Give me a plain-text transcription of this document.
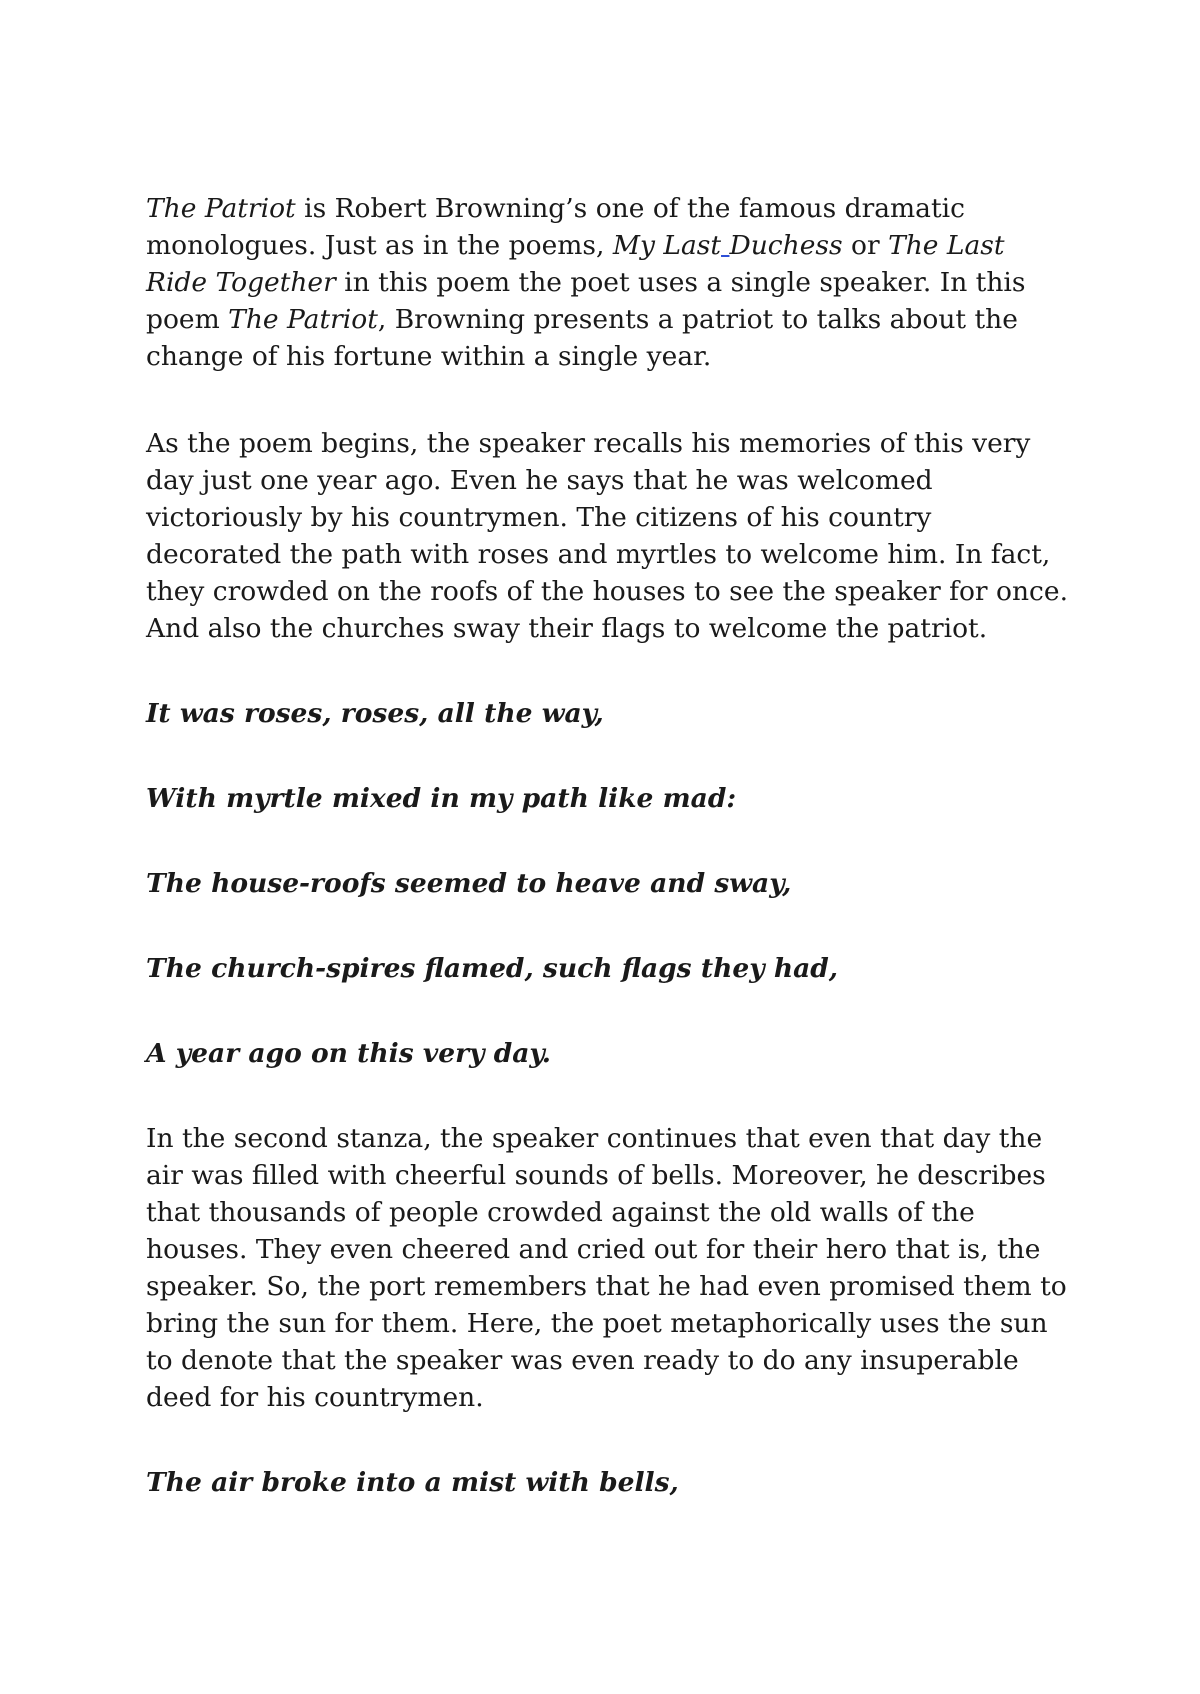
The Patriot is Robert Browning’s one of the famous dramatic
monologues. Just as in the poems, My Last Duchess or The Last
Ride Together in this poem the poet uses a single speaker. In this
poem The Patriot, Browning presents a patriot to talks about the
change of his fortune within a single year.

As the poem begins, the speaker recalls his memories of this very
day just one year ago. Even he says that he was welcomed
victoriously by his countrymen. The citizens of his country
decorated the path with roses and myrtles to welcome him. In fact,
they crowded on the roofs of the houses to see the speaker for once.
And also the churches sway their flags to welcome the patriot.

It was roses, roses, all the way,

With myrtle mixed in my path like mad:

The house-roofs seemed to heave and sway,

The church-spires flamed, such flags they had,

A year ago on this very day.

In the second stanza, the speaker continues that even that day the
air was filled with cheerful sounds of bells. Moreover, he describes
that thousands of people crowded against the old walls of the
houses. They even cheered and cried out for their hero that is, the
speaker. So, the port remembers that he had even promised them to
bring the sun for them. Here, the poet metaphorically uses the sun
to denote that the speaker was even ready to do any insuperable
deed for his countrymen.

The air broke into a mist with bells,
